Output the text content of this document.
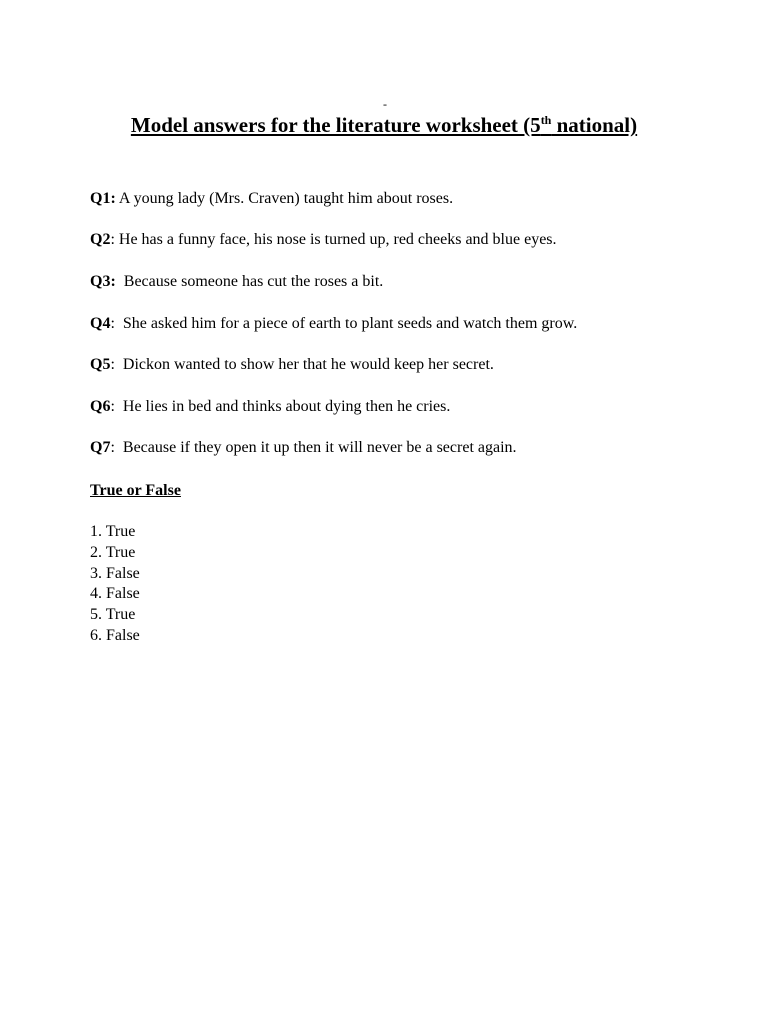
-
Model answers for the literature worksheet (5th national)
Q1: A young lady (Mrs. Craven) taught him about roses.
Q2: He has a funny face, his nose is turned up, red cheeks and blue eyes.
Q3:  Because someone has cut the roses a bit.
Q4:  She asked him for a piece of earth to plant seeds and watch them grow.
Q5:  Dickon wanted to show her that he would keep her secret.
Q6:  He lies in bed and thinks about dying then he cries.
Q7:  Because if they open it up then it will never be a secret again.
True or False
1. True
2. True
3. False
4. False
5. True
6. False
